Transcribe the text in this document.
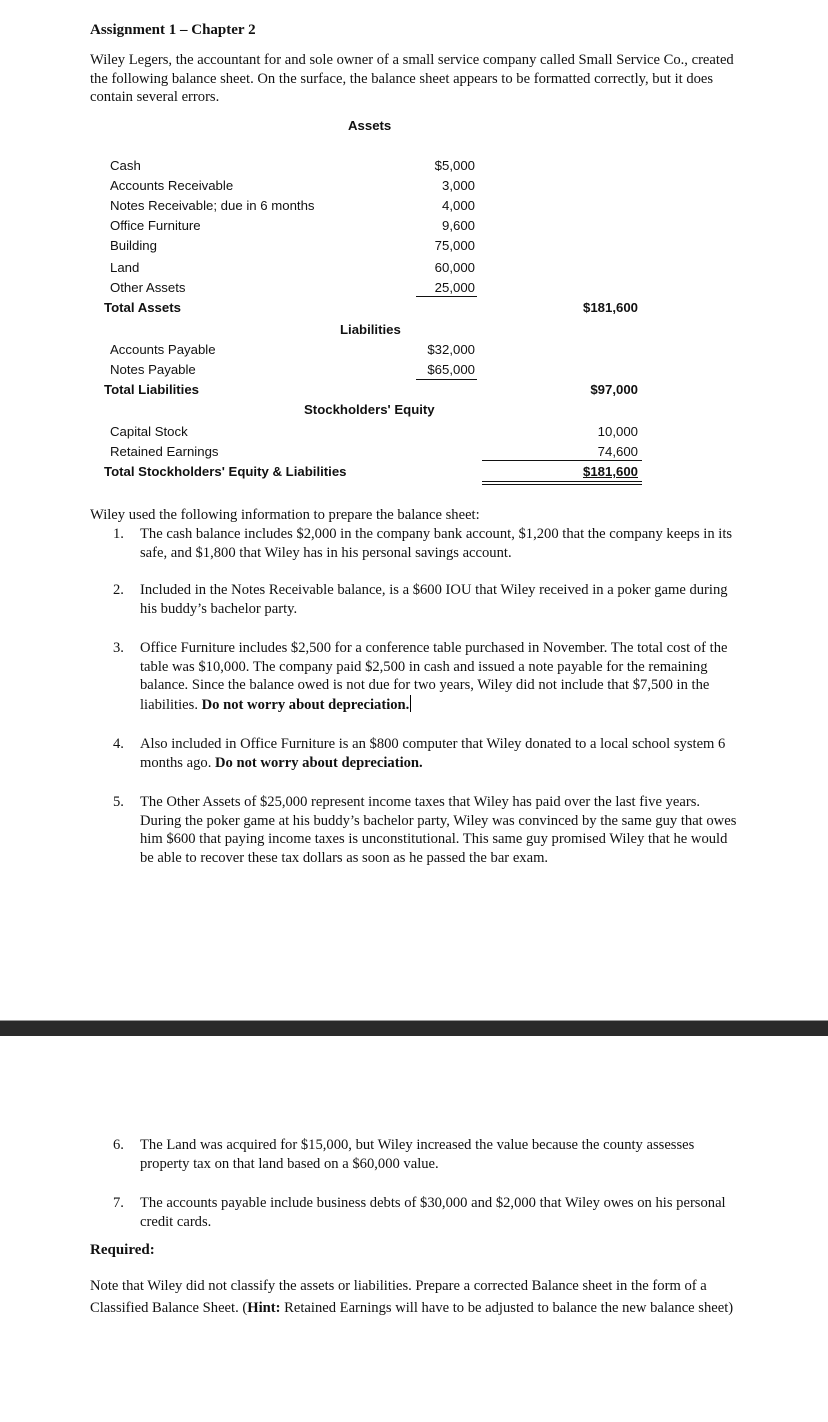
Assignment 1 – Chapter 2
Wiley Legers, the accountant for and sole owner of a small service company called Small Service Co., created the following balance sheet. On the surface, the balance sheet appears to be formatted correctly, but it does contain several errors.
Assets
Cash	$5,000
Accounts Receivable	3,000
Notes Receivable; due in 6 months	4,000
Office Furniture	9,600
Building	75,000
Land	60,000
Other Assets	25,000
Total Assets	$181,600
Liabilities
Accounts Payable	$32,000
Notes Payable	$65,000
Total Liabilities	$97,000
Stockholders' Equity
Capital Stock	10,000
Retained Earnings	74,600
Total Stockholders' Equity & Liabilities	$181,600
Wiley used the following information to prepare the balance sheet:
1. The cash balance includes $2,000 in the company bank account, $1,200 that the company keeps in its safe, and $1,800 that Wiley has in his personal savings account.
2. Included in the Notes Receivable balance, is a $600 IOU that Wiley received in a poker game during his buddy’s bachelor party.
3. Office Furniture includes $2,500 for a conference table purchased in November. The total cost of the table was $10,000. The company paid $2,500 in cash and issued a note payable for the remaining balance. Since the balance owed is not due for two years, Wiley did not include that $7,500 in the liabilities. Do not worry about depreciation.
4. Also included in Office Furniture is an $800 computer that Wiley donated to a local school system 6 months ago. Do not worry about depreciation.
5. The Other Assets of $25,000 represent income taxes that Wiley has paid over the last five years. During the poker game at his buddy’s bachelor party, Wiley was convinced by the same guy that owes him $600 that paying income taxes is unconstitutional. This same guy promised Wiley that he would be able to recover these tax dollars as soon as he passed the bar exam.
6. The Land was acquired for $15,000, but Wiley increased the value because the county assesses property tax on that land based on a $60,000 value.
7. The accounts payable include business debts of $30,000 and $2,000 that Wiley owes on his personal credit cards.
Required:
Note that Wiley did not classify the assets or liabilities. Prepare a corrected Balance sheet in the form of a Classified Balance Sheet. (Hint: Retained Earnings will have to be adjusted to balance the new balance sheet)
